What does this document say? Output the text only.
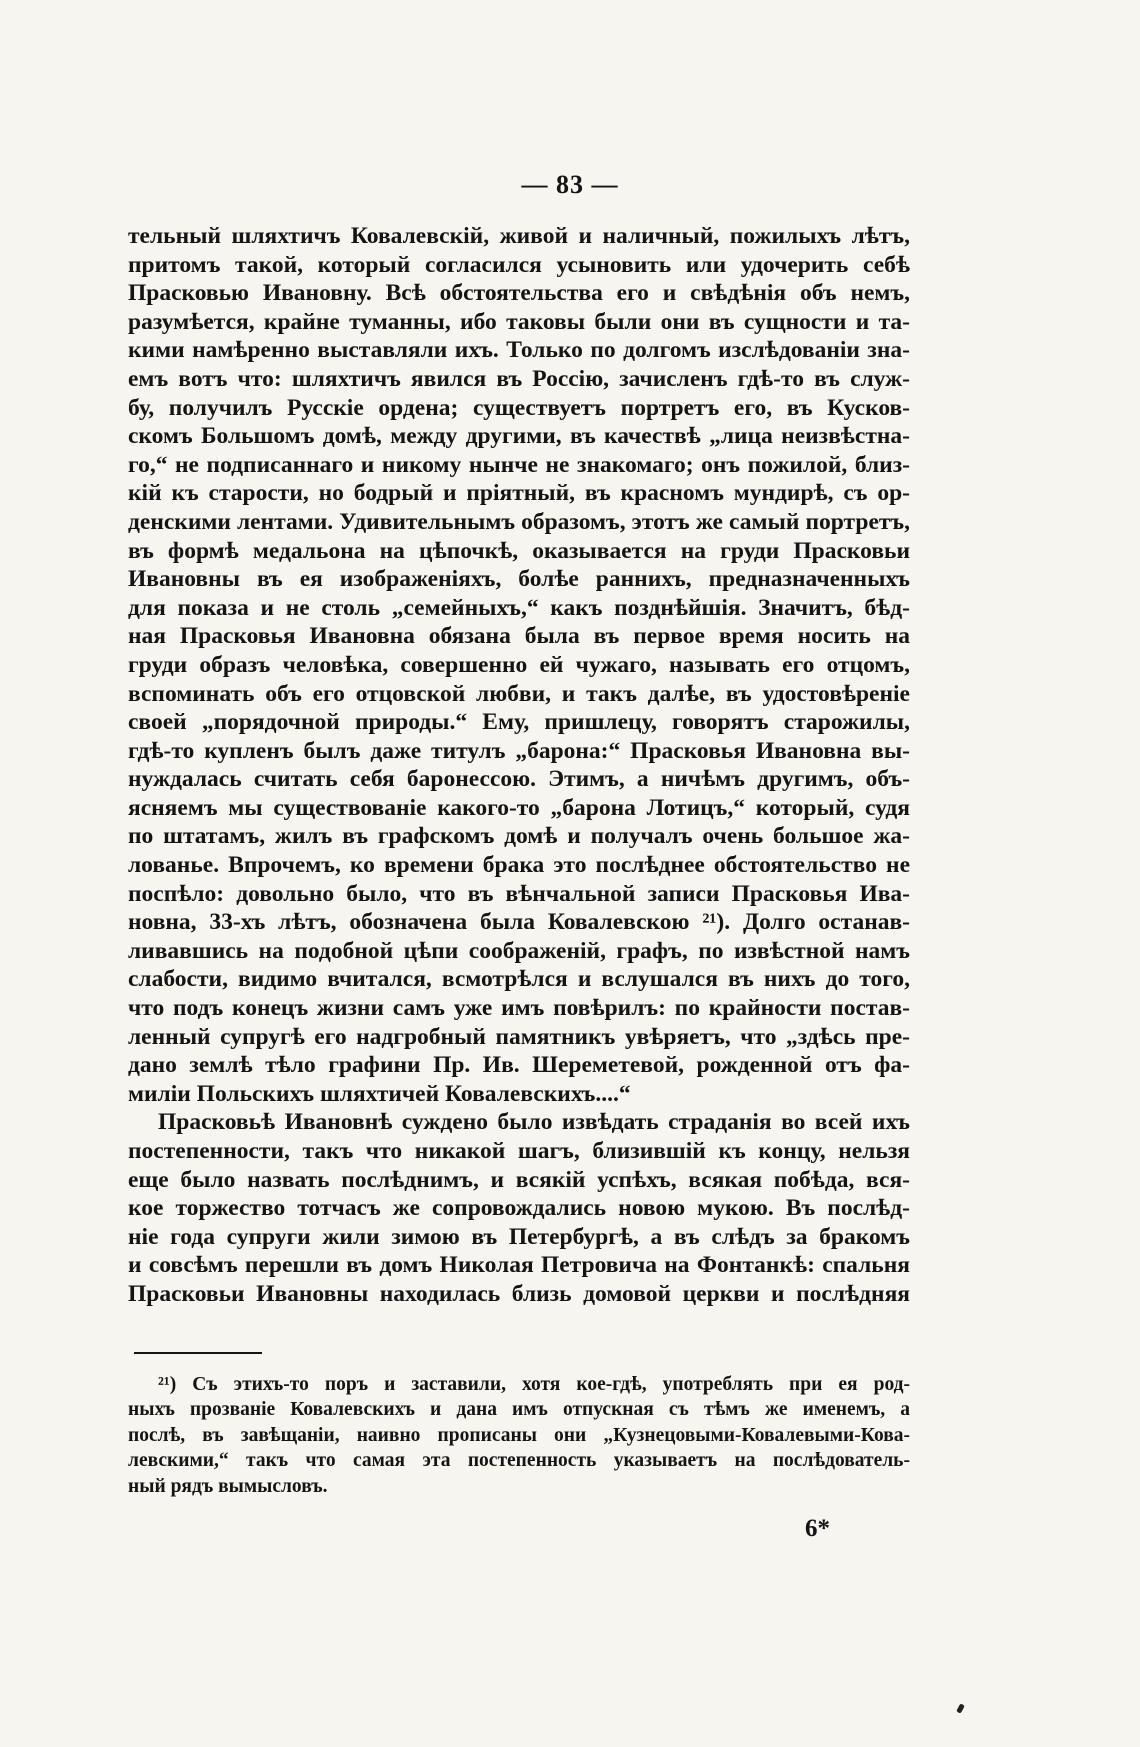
— 83 —
тельный шляхтичъ Ковалевскій, живой и наличный, пожилыхъ лѣтъ,
притомъ такой, который согласился усыновить или удочерить себѣ
Прасковью Ивановну. Всѣ обстоятельства его и свѣдѣнія объ немъ,
разумѣется, крайне туманны, ибо таковы были они въ сущности и та-
кими намѣренно выставляли ихъ. Только по долгомъ изслѣдованіи зна-
емъ вотъ что: шляхтичъ явился въ Россію, зачисленъ гдѣ-то въ служ-
бу, получилъ Русскіе ордена; существуетъ портретъ его, въ Кусков-
скомъ Большомъ домѣ, между другими, въ качествѣ „лица неизвѣстна-
го,“ не подписаннаго и никому нынче не знакомаго; онъ пожилой, близ-
кій къ старости, но бодрый и пріятный, въ красномъ мундирѣ, съ ор-
денскими лентами. Удивительнымъ образомъ, этотъ же самый портретъ,
въ формѣ медальона на цѣпочкѣ, оказывается на груди Прасковьи
Ивановны въ ея изображеніяхъ, болѣе раннихъ, предназначенныхъ
для показа и не столь „семейныхъ,“ какъ позднѣйшія. Значитъ, бѣд-
ная Прасковья Ивановна обязана была въ первое время носить на
груди образъ человѣка, совершенно ей чужаго, называть его отцомъ,
вспоминать объ его отцовской любви, и такъ далѣе, въ удостовѣреніе
своей „порядочной природы.“ Ему, пришлецу, говорятъ старожилы,
гдѣ-то купленъ былъ даже титулъ „барона:“ Прасковья Ивановна вы-
нуждалась считать себя баронессою. Этимъ, а ничѣмъ другимъ, объ-
ясняемъ мы существованіе какого-то „барона Лотицъ,“ который, судя
по штатамъ, жилъ въ графскомъ домѣ и получалъ очень большое жа-
лованье. Впрочемъ, ко времени брака это послѣднее обстоятельство не
поспѣло: довольно было, что въ вѣнчальной записи Прасковья Ива-
новна, 33-хъ лѣтъ, обозначена была Ковалевскою ²¹). Долго останав-
ливавшись на подобной цѣпи соображеній, графъ, по извѣстной намъ
слабости, видимо вчитался, всмотрѣлся и вслушался въ нихъ до того,
что подъ конецъ жизни самъ уже имъ повѣрилъ: по крайности постав-
ленный супругѣ его надгробный памятникъ увѣряетъ, что „здѣсь пре-
дано землѣ тѣло графини Пр. Ив. Шереметевой, рожденной отъ фа-
миліи Польскихъ шляхтичей Ковалевскихъ....“
Прасковьѣ Ивановнѣ суждено было извѣдать страданія во всей ихъ
постепенности, такъ что никакой шагъ, близившій къ концу, нельзя
еще было назвать послѣднимъ, и всякій успѣхъ, всякая побѣда, вся-
кое торжество тотчасъ же сопровождались новою мукою. Въ послѣд-
ніе года супруги жили зимою въ Петербургѣ, а въ слѣдъ за бракомъ
и совсѣмъ перешли въ домъ Николая Петровича на Фонтанкѣ: спальня
Прасковьи Ивановны находилась близь домовой церкви и послѣдняя
²¹) Съ этихъ-то поръ и заставили, хотя кое-гдѣ, употреблять при ея род-
ныхъ прозваніе Ковалевскихъ и дана имъ отпускная съ тѣмъ же именемъ, а
послѣ, въ завѣщаніи, наивно прописаны они „Кузнецовыми-Ковалевыми-Кова-
левскими,“ такъ что самая эта постепенность указываетъ на послѣдователь-
ный рядъ вымысловъ.
6*
